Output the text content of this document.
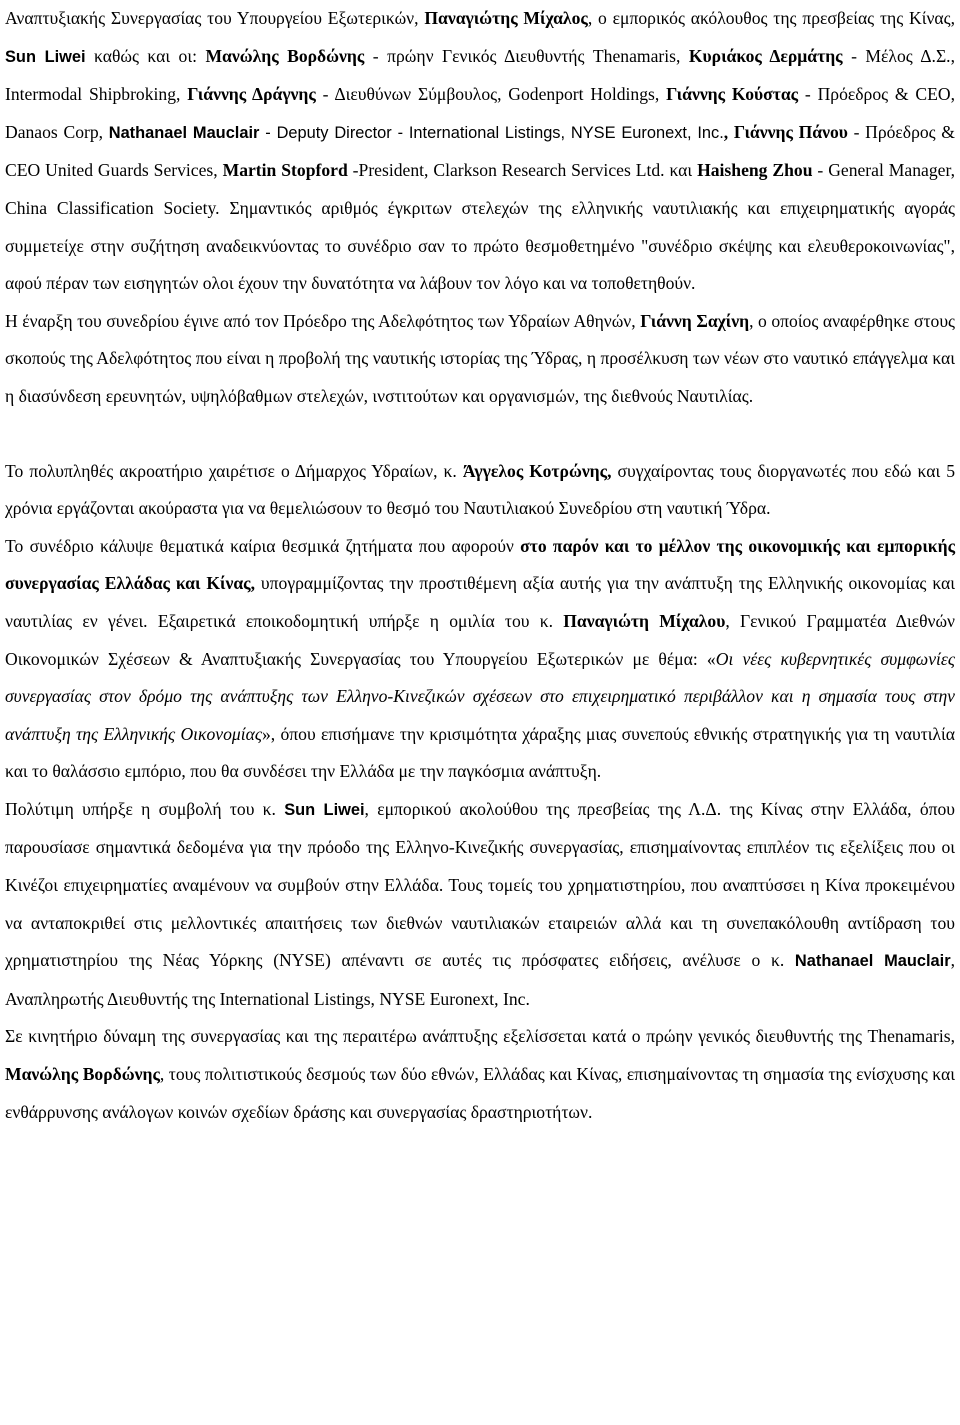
Αναπτυξιακής Συνεργασίας του Υπουργείου Εξωτερικών, Παναγιώτης Μίχαλος, ο εμπορικός ακόλουθος της πρεσβείας της Κίνας, Sun Liwei καθώς και οι: Μανώλης Βορδώνης - πρώην Γενικός Διευθυντής Thenamaris, Κυριάκος Δερμάτης - Μέλος Δ.Σ., Intermodal Shipbroking, Γιάννης Δράγνης - Διευθύνων Σύμβουλος, Godenport Holdings, Γιάννης Κούστας - Πρόεδρος & CEO, Danaos Corp, Nathanael Mauclair - Deputy Director - International Listings, NYSE Euronext, Inc., Γιάννης Πάνου - Πρόεδρος & CEO United Guards Services, Martin Stopford -President, Clarkson Research Services Ltd. και Haisheng Zhou - General Manager, China Classification Society. Σημαντικός αριθμός έγκριτων στελεχών της ελληνικής ναυτιλιακής και επιχειρηματικής αγοράς συμμετείχε στην συζήτηση αναδεικνύοντας το συνέδριο σαν το πρώτο θεσμοθετημένο "συνέδριο σκέψης και ελευθεροκοινωνίας", αφού πέραν των εισηγητών ολοι έχουν την δυνατότητα να λάβουν τον λόγο και να τοποθετηθούν.

Η έναρξη του συνεδρίου έγινε από τον Πρόεδρο της Αδελφότητος των Υδραίων Αθηνών, Γιάννη Σαχίνη, ο οποίος αναφέρθηκε στους σκοπούς της Αδελφότητος που είναι η προβολή της ναυτικής ιστορίας της Ύδρας, η προσέλκυση των νέων στο ναυτικό επάγγελμα και η διασύνδεση ερευνητών, υψηλόβαθμων στελεχών, ινστιτούτων και οργανισμών, της διεθνούς Ναυτιλίας.

Το πολυπληθές ακροατήριο χαιρέτισε ο Δήμαρχος Υδραίων, κ. Άγγελος Κοτρώνης, συγχαίροντας τους διοργανωτές που εδώ και 5 χρόνια εργάζονται ακούραστα για να θεμελιώσουν το θεσμό του Ναυτιλιακού Συνεδρίου στη ναυτική Ύδρα.

Το συνέδριο κάλυψε θεματικά καίρια θεσμικά ζητήματα που αφορούν στο παρόν και το μέλλον της οικονομικής και εμπορικής συνεργασίας Ελλάδας και Κίνας, υπογραμμίζοντας την προστιθέμενη αξία αυτής για την ανάπτυξη της Ελληνικής οικονομίας και ναυτιλίας εν γένει. Εξαιρετικά εποικοδομητική υπήρξε η ομιλία του κ. Παναγιώτη Μίχαλου, Γενικού Γραμματέα Διεθνών Οικονομικών Σχέσεων & Αναπτυξιακής Συνεργασίας του Υπουργείου Εξωτερικών με θέμα: «Οι νέες κυβερνητικές συμφωνίες συνεργασίας στον δρόμο της ανάπτυξης των Ελληνο-Κινεζικών σχέσεων στο επιχειρηματικό περιβάλλον και η σημασία τους στην ανάπτυξη της Ελληνικής Οικονομίας», όπου επισήμανε την κρισιμότητα χάραξης μιας συνεπούς εθνικής στρατηγικής για τη ναυτιλία και το θαλάσσιο εμπόριο, που θα συνδέσει την Ελλάδα με την παγκόσμια ανάπτυξη.

Πολύτιμη υπήρξε η συμβολή του κ. Sun Liwei, εμπορικού ακολούθου της πρεσβείας της Λ.Δ. της Κίνας στην Ελλάδα, όπου παρουσίασε σημαντικά δεδομένα για την πρόοδο της Ελληνο-Κινεζικής συνεργασίας, επισημαίνοντας επιπλέον τις εξελίξεις που οι Κινέζοι επιχειρηματίες αναμένουν να συμβούν στην Ελλάδα. Τους τομείς του χρηματιστηρίου, που αναπτύσσει η Κίνα προκειμένου να ανταποκριθεί στις μελλοντικές απαιτήσεις των διεθνών ναυτιλιακών εταιρειών αλλά και τη συνεπακόλουθη αντίδραση του χρηματιστηρίου της Νέας Υόρκης (NYSE) απέναντι σε αυτές τις πρόσφατες ειδήσεις, ανέλυσε ο κ. Nathanael Mauclair, Αναπληρωτής Διευθυντής της International Listings, NYSE Euronext, Inc.

Σε κινητήριο δύναμη της συνεργασίας και της περαιτέρω ανάπτυξης εξελίσσεται κατά ο πρώην γενικός διευθυντής της Thenamaris, Μανώλης Βορδώνης, τους πολιτιστικούς δεσμούς των δύο εθνών, Ελλάδας και Κίνας, επισημαίνοντας τη σημασία της ενίσχυσης και ενθάρρυνσης ανάλογων κοινών σχεδίων δράσης και συνεργασίας δραστηριοτήτων.
